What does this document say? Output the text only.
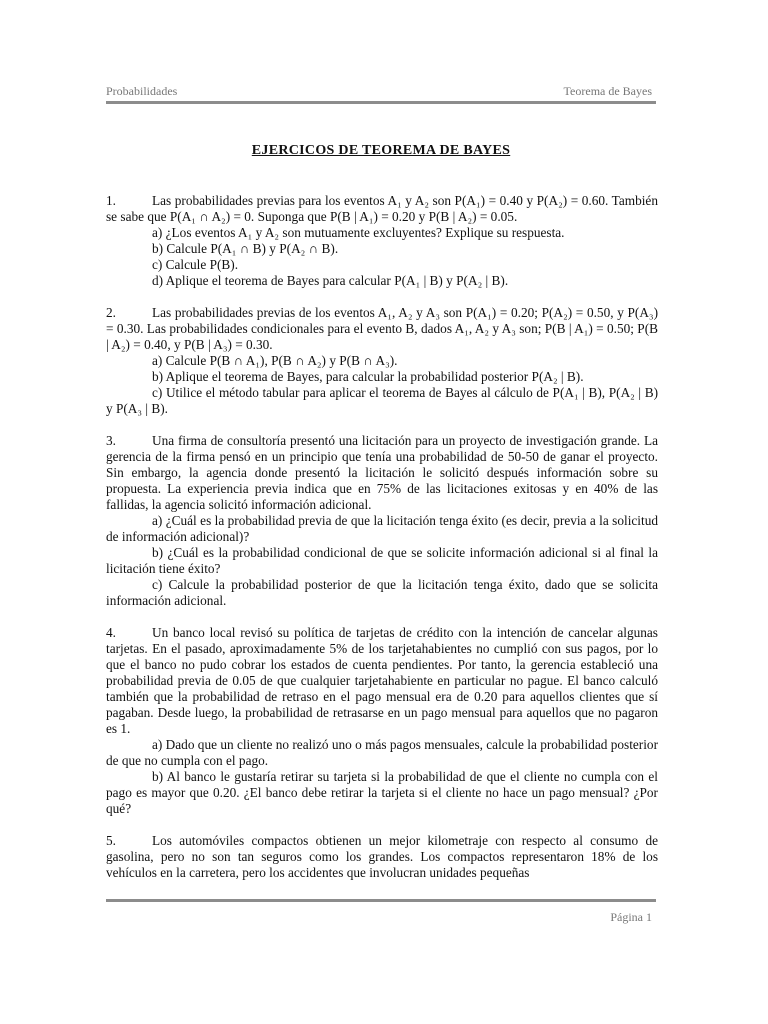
Probabilidades	Teorema de Bayes
EJERCICOS DE TEOREMA DE BAYES

1.	Las probabilidades previas para los eventos A₁ y A₂ son P(A₁) = 0.40 y P(A₂) = 0.60. También se sabe que P(A₁ ∩ A₂) = 0. Suponga que P(B | A₁) = 0.20 y P(B | A₂) = 0.05.

a) ¿Los eventos A₁ y A₂ son mutuamente excluyentes? Explique su respuesta.

b) Calcule P(A₁ ∩ B) y P(A₂ ∩ B).

c) Calcule P(B).

d) Aplique el teorema de Bayes para calcular P(A₁ | B) y P(A₂ | B).

2.	Las probabilidades previas de los eventos A₁, A₂ y A₃ son P(A₁) = 0.20; P(A₂) = 0.50, y P(A₃) = 0.30. Las probabilidades condicionales para el evento B, dados A₁, A₂ y A₃ son; P(B | A₁) = 0.50; P(B | A₂) = 0.40, y P(B | A₃) = 0.30.

a) Calcule P(B ∩ A₁), P(B ∩ A₂) y P(B ∩ A₃).

b) Aplique el teorema de Bayes, para calcular la probabilidad posterior P(A₂ | B).

c) Utilice el método tabular para aplicar el teorema de Bayes al cálculo de P(A₁ | B), P(A₂ | B) y P(A₃ | B).

3.	Una firma de consultoría presentó una licitación para un proyecto de investigación grande. La gerencia de la firma pensó en un principio que tenía una probabilidad de 50-50 de ganar el proyecto. Sin embargo, la agencia donde presentó la licitación le solicitó después información sobre su propuesta. La experiencia previa indica que en 75% de las licitaciones exitosas y en 40% de las fallidas, la agencia solicitó información adicional.

a) ¿Cuál es la probabilidad previa de que la licitación tenga éxito (es decir, previa a la solicitud de información adicional)?

b) ¿Cuál es la probabilidad condicional de que se solicite información adicional si al final la licitación tiene éxito?

c) Calcule la probabilidad posterior de que la licitación tenga éxito, dado que se solicita información adicional.

4.	Un banco local revisó su política de tarjetas de crédito con la intención de cancelar algunas tarjetas. En el pasado, aproximadamente 5% de los tarjetahabientes no cumplió con sus pagos, por lo que el banco no pudo cobrar los estados de cuenta pendientes. Por tanto, la gerencia estableció una probabilidad previa de 0.05 de que cualquier tarjetahabiente en particular no pague. El banco calculó también que la probabilidad de retraso en el pago mensual era de 0.20 para aquellos clientes que sí pagaban. Desde luego, la probabilidad de retrasarse en un pago mensual para aquellos que no pagaron es 1.

a) Dado que un cliente no realizó uno o más pagos mensuales, calcule la probabilidad posterior de que no cumpla con el pago.

b) Al banco le gustaría retirar su tarjeta si la probabilidad de que el cliente no cumpla con el pago es mayor que 0.20. ¿El banco debe retirar la tarjeta si el cliente no hace un pago mensual? ¿Por qué?

5.	Los automóviles compactos obtienen un mejor kilometraje con respecto al consumo de gasolina, pero no son tan seguros como los grandes. Los compactos representaron 18% de los vehículos en la carretera, pero los accidentes que involucran unidades pequeñas

Página 1
